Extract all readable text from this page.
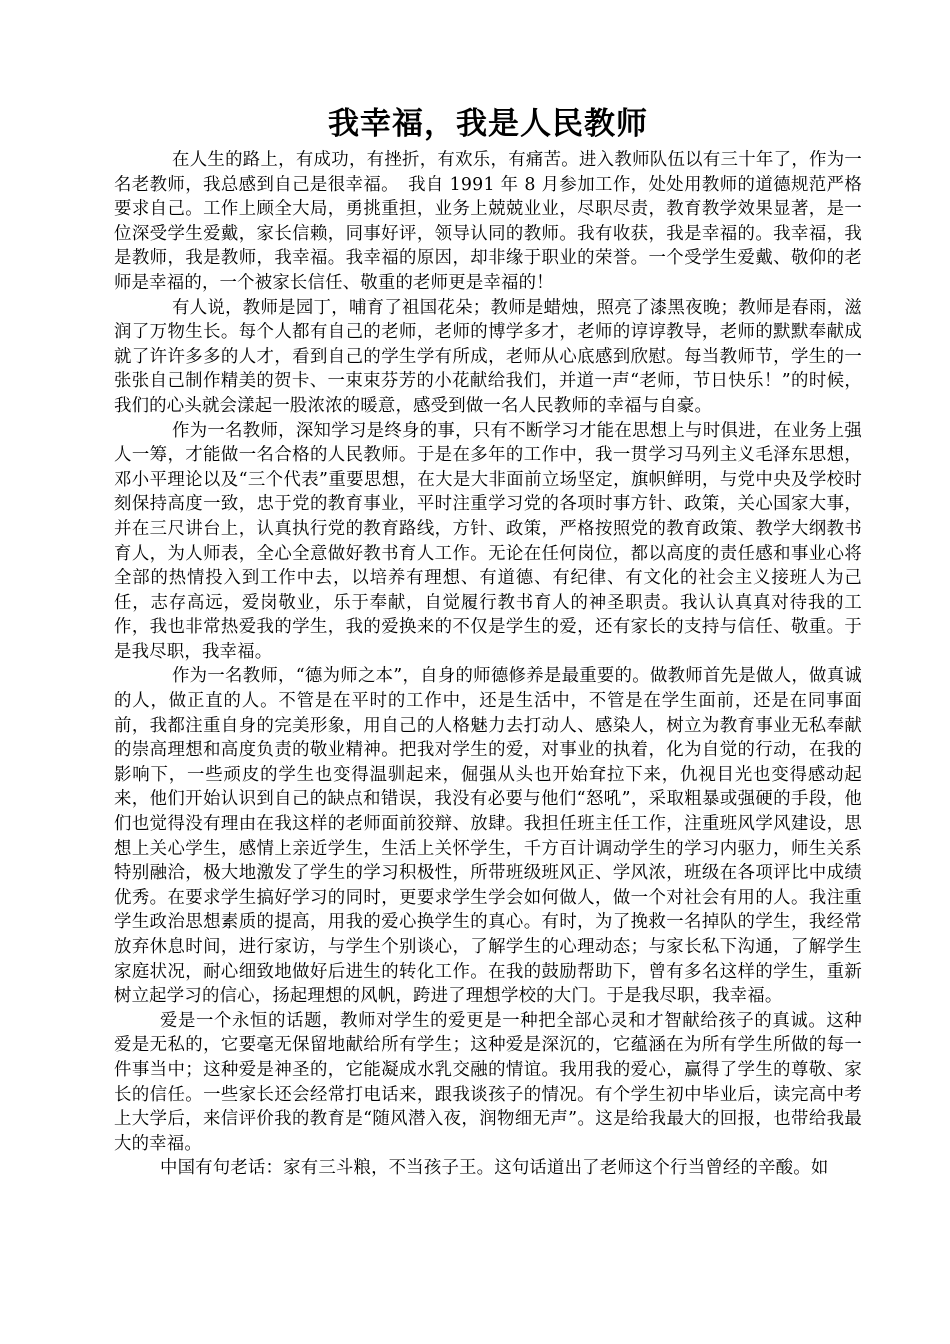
我幸福，我是人民教师

在人生的路上，有成功，有挫折，有欢乐，有痛苦。进入教师队伍以有三十年了，作为一名老教师，我总感到自己是很幸福。　我自 1991 年 8 月参加工作，处处用教师的道德规范严格要求自己。工作上顾全大局，勇挑重担，业务上兢兢业业，尽职尽责，教育教学效果显著，是一位深受学生爱戴，家长信赖，同事好评，领导认同的教师。我有收获，我是幸福的。我幸福，我是教师，我是教师，我幸福。我幸福的原因，却非缘于职业的荣誉。一个受学生爱戴、敬仰的老师是幸福的，一个被家长信任、敬重的老师更是幸福的！

有人说，教师是园丁，哺育了祖国花朵；教师是蜡烛，照亮了漆黑夜晚；教师是春雨，滋润了万物生长。每个人都有自己的老师，老师的博学多才，老师的谆谆教导，老师的默默奉献成就了许许多多的人才，看到自己的学生学有所成，老师从心底感到欣慰。每当教师节，学生的一张张自己制作精美的贺卡、一束束芬芳的小花献给我们，并道一声“老师，节日快乐！”的时候，我们的心头就会漾起一股浓浓的暖意，感受到做一名人民教师的幸福与自豪。

作为一名教师，深知学习是终身的事，只有不断学习才能在思想上与时俱进，在业务上强人一筹，才能做一名合格的人民教师。于是在多年的工作中，我一贯学习马列主义毛泽东思想，邓小平理论以及“三个代表”重要思想，在大是大非面前立场坚定，旗帜鲜明，与党中央及学校时刻保持高度一致，忠于党的教育事业，平时注重学习党的各项时事方针、政策，关心国家大事，并在三尺讲台上，认真执行党的教育路线，方针、政策，严格按照党的教育政策、教学大纲教书育人，为人师表，全心全意做好教书育人工作。无论在任何岗位，都以高度的责任感和事业心将全部的热情投入到工作中去，以培养有理想、有道德、有纪律、有文化的社会主义接班人为己任，志存高远，爱岗敬业，乐于奉献，自觉履行教书育人的神圣职责。我认认真真对待我的工作，我也非常热爱我的学生，我的爱换来的不仅是学生的爱，还有家长的支持与信任、敬重。于是我尽职，我幸福。

作为一名教师，“德为师之本”，自身的师德修养是最重要的。做教师首先是做人，做真诚的人，做正直的人。不管是在平时的工作中，还是生活中，不管是在学生面前，还是在同事面前，我都注重自身的完美形象，用自己的人格魅力去打动人、感染人，树立为教育事业无私奉献的崇高理想和高度负责的敬业精神。把我对学生的爱，对事业的执着，化为自觉的行动，在我的影响下，一些顽皮的学生也变得温驯起来，倔强从头也开始耷拉下来，仇视目光也变得感动起来，他们开始认识到自己的缺点和错误，我没有必要与他们“怒吼”，采取粗暴或强硬的手段，他们也觉得没有理由在我这样的老师面前狡辩、放肆。我担任班主任工作，注重班风学风建设，思想上关心学生，感情上亲近学生，生活上关怀学生，千方百计调动学生的学习内驱力，师生关系特别融洽，极大地激发了学生的学习积极性，所带班级班风正、学风浓，班级在各项评比中成绩优秀。在要求学生搞好学习的同时，更要求学生学会如何做人，做一个对社会有用的人。我注重学生政治思想素质的提高，用我的爱心换学生的真心。有时，为了挽救一名掉队的学生，我经常放弃休息时间，进行家访，与学生个别谈心，了解学生的心理动态；与家长私下沟通，了解学生家庭状况，耐心细致地做好后进生的转化工作。在我的鼓励帮助下，曾有多名这样的学生，重新树立起学习的信心，扬起理想的风帆，跨进了理想学校的大门。于是我尽职，我幸福。

爱是一个永恒的话题，教师对学生的爱更是一种把全部心灵和才智献给孩子的真诚。这种爱是无私的，它要毫无保留地献给所有学生；这种爱是深沉的，它蕴涵在为所有学生所做的每一件事当中；这种爱是神圣的，它能凝成水乳交融的情谊。我用我的爱心，赢得了学生的尊敬、家长的信任。一些家长还会经常打电话来，跟我谈孩子的情况。有个学生初中毕业后，读完高中考上大学后，来信评价我的教育是“随风潜入夜，润物细无声”。这是给我最大的回报，也带给我最大的幸福。

中国有句老话：家有三斗粮，不当孩子王。这句话道出了老师这个行当曾经的辛酸。如
